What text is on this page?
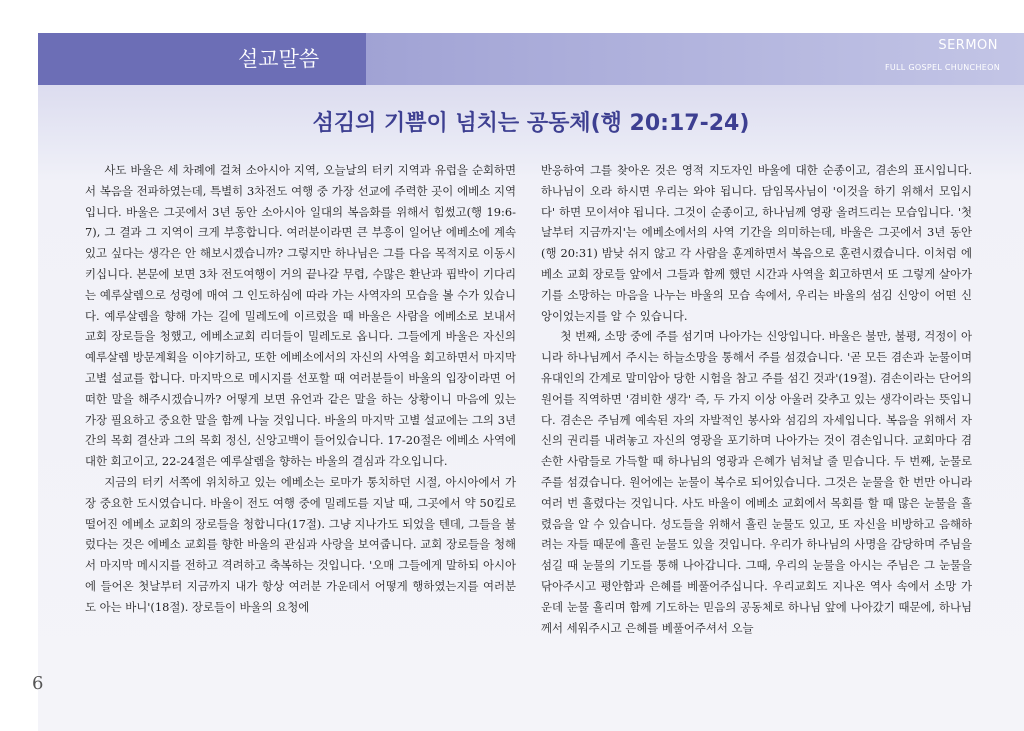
설교말씀
SERMON
FULL GOSPEL CHUNCHEON
섬김의 기쁨이 넘치는 공동체(행 20:17-24)

사도 바울은 세 차례에 걸쳐 소아시아 지역, 오늘날의 터키 지역과 유럽을 순회하면서 복음을 전파하였는데, 특별히 3차전도 여행 중 가장 선교에 주력한 곳이 에베소 지역입니다. 바울은 그곳에서 3년 동안 소아시아 일대의 복음화를 위해서 힘썼고(행 19:6-7), 그 결과 그 지역이 크게 부흥합니다. 여러분이라면 큰 부흥이 일어난 에베소에 계속 있고 싶다는 생각은 안 해보시겠습니까? 그렇지만 하나님은 그를 다음 목적지로 이동시키십니다. 본문에 보면 3차 전도여행이 거의 끝나갈 무렵, 수많은 환난과 핍박이 기다리는 예루살렘으로 성령에 매여 그 인도하심에 따라 가는 사역자의 모습을 볼 수가 있습니다. 예루살렘을 향해 가는 길에 밀레도에 이르렀을 때 바울은 사람을 에베소로 보내서 교회 장로들을 청했고, 에베소교회 리더들이 밀레도로 옵니다. 그들에게 바울은 자신의 예루살렘 방문계획을 이야기하고, 또한 에베소에서의 자신의 사역을 회고하면서 마지막 고별 설교를 합니다. 마지막으로 메시지를 선포할 때 여러분들이 바울의 입장이라면 어떠한 말을 해주시겠습니까? 어떻게 보면 유언과 같은 말을 하는 상황이니 마음에 있는 가장 필요하고 중요한 말을 함께 나눌 것입니다. 바울의 마지막 고별 설교에는 그의 3년간의 목회 결산과 그의 목회 정신, 신앙고백이 들어있습니다. 17-20절은 에베소 사역에 대한 회고이고, 22-24절은 예루살렘을 향하는 바울의 결심과 각오입니다.

지금의 터키 서쪽에 위치하고 있는 에베소는 로마가 통치하던 시절, 아시아에서 가장 중요한 도시였습니다. 바울이 전도 여행 중에 밀레도를 지날 때, 그곳에서 약 50킬로 떨어진 에베소 교회의 장로들을 청합니다(17절). 그냥 지나가도 되었을 텐데, 그들을 불렀다는 것은 에베소 교회를 향한 바울의 관심과 사랑을 보여줍니다. 교회 장로들을 청해서 마지막 메시지를 전하고 격려하고 축복하는 것입니다. '오매 그들에게 말하되 아시아에 들어온 첫날부터 지금까지 내가 항상 여러분 가운데서 어떻게 행하였는지를 여러분도 아는 바니'(18절). 장로들이 바울의 요청에

반응하여 그를 찾아온 것은 영적 지도자인 바울에 대한 순종이고, 겸손의 표시입니다. 하나님이 오라 하시면 우리는 와야 됩니다. 담임목사님이 '이것을 하기 위해서 모입시다' 하면 모이셔야 됩니다. 그것이 순종이고, 하나님께 영광 올려드리는 모습입니다. '첫날부터 지금까지'는 에베소에서의 사역 기간을 의미하는데, 바울은 그곳에서 3년 동안(행 20:31) 밤낮 쉬지 않고 각 사람을 훈계하면서 복음으로 훈련시켰습니다. 이처럼 에베소 교회 장로들 앞에서 그들과 함께 했던 시간과 사역을 회고하면서 또 그렇게 살아가기를 소망하는 마음을 나누는 바울의 모습 속에서, 우리는 바울의 섬김 신앙이 어떤 신앙이었는지를 알 수 있습니다.

첫 번째, 소망 중에 주를 섬기며 나아가는 신앙입니다. 바울은 불만, 불평, 걱정이 아니라 하나님께서 주시는 하늘소망을 통해서 주를 섬겼습니다. '곧 모든 겸손과 눈물이며 유대인의 간계로 말미암아 당한 시험을 참고 주를 섬긴 것과'(19절). 겸손이라는 단어의 원어를 직역하면 '겸비한 생각' 즉, 두 가지 이상 아울러 갖추고 있는 생각이라는 뜻입니다. 겸손은 주님께 예속된 자의 자발적인 봉사와 섬김의 자세입니다. 복음을 위해서 자신의 권리를 내려놓고 자신의 영광을 포기하며 나아가는 것이 겸손입니다. 교회마다 겸손한 사람들로 가득할 때 하나님의 영광과 은혜가 넘쳐날 줄 믿습니다. 두 번째, 눈물로 주를 섬겼습니다. 원어에는 눈물이 복수로 되어있습니다. 그것은 눈물을 한 번만 아니라 여러 번 흘렸다는 것입니다. 사도 바울이 에베소 교회에서 목회를 할 때 많은 눈물을 흘렸음을 알 수 있습니다. 성도들을 위해서 흘린 눈물도 있고, 또 자신을 비방하고 음해하려는 자들 때문에 흘린 눈물도 있을 것입니다. 우리가 하나님의 사명을 감당하며 주님을 섬길 때 눈물의 기도를 통해 나아갑니다. 그때, 우리의 눈물을 아시는 주님은 그 눈물을 닦아주시고 평안함과 은혜를 베풀어주십니다. 우리교회도 지나온 역사 속에서 소망 가운데 눈물 흘리며 함께 기도하는 믿음의 공동체로 하나님 앞에 나아갔기 때문에, 하나님께서 세워주시고 은혜를 베풀어주셔서 오늘

6
